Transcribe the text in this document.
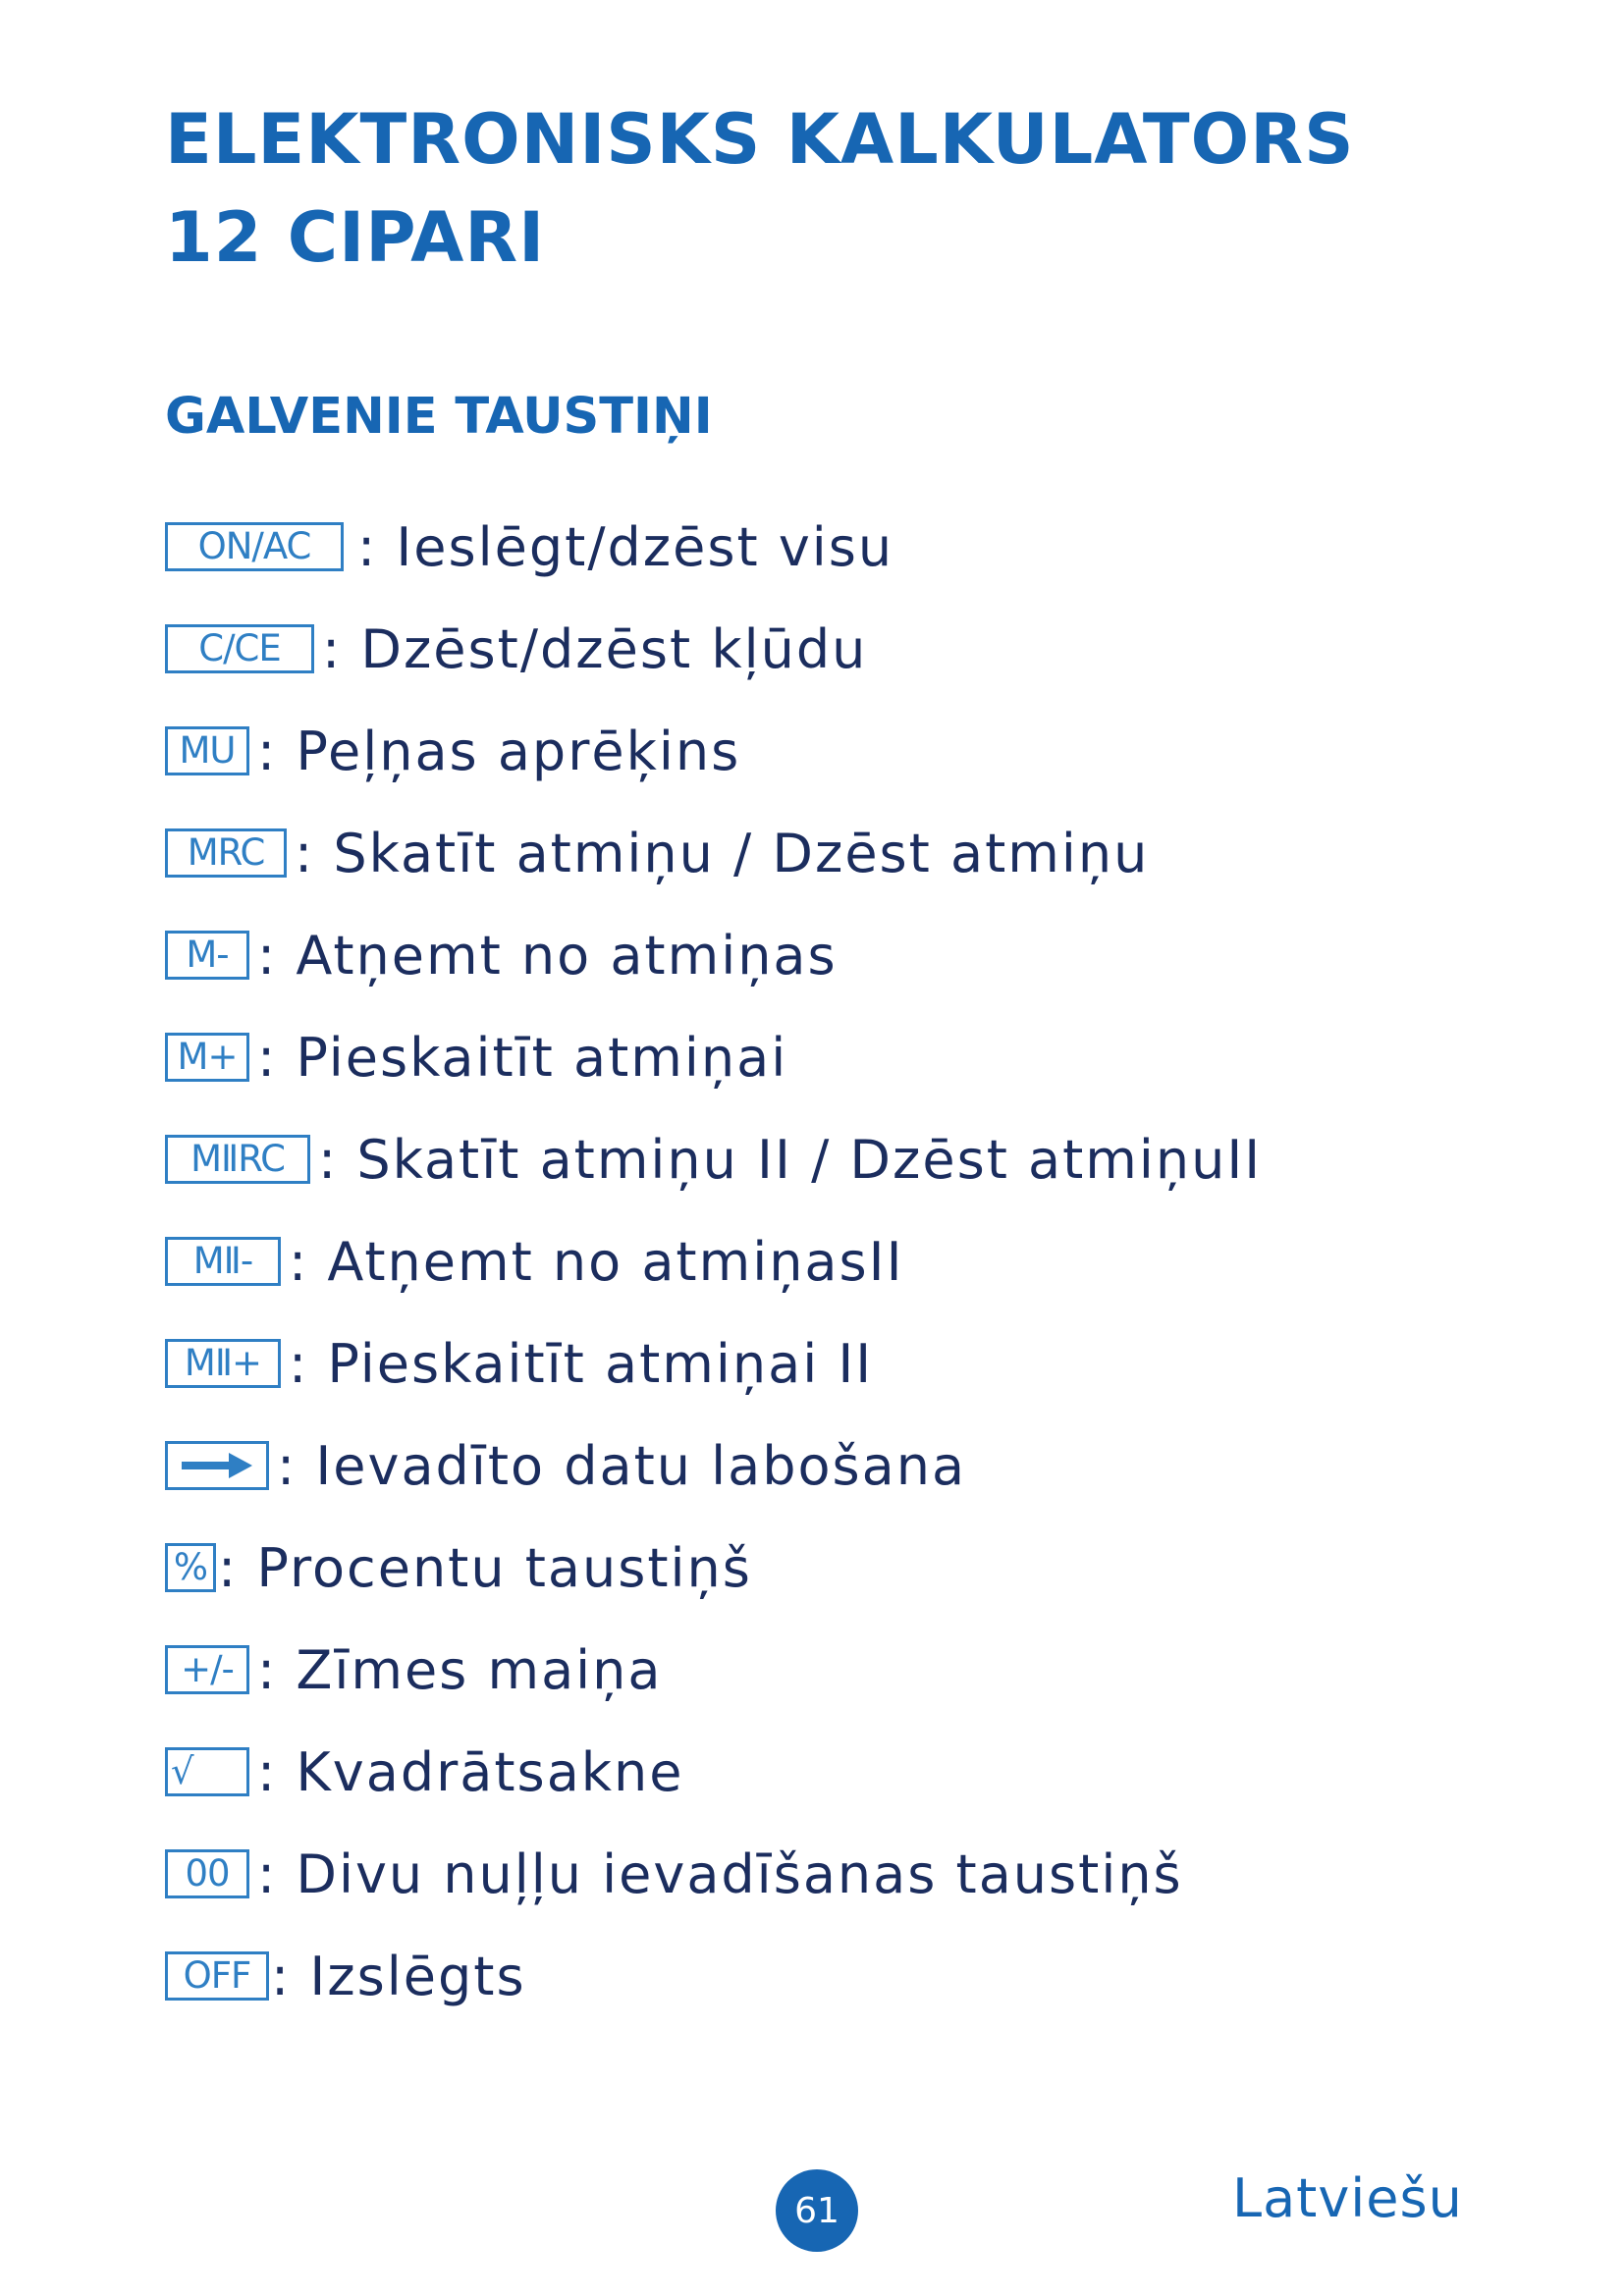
ELEKTRONISKS KALKULATORS
12 CIPARI
GALVENIE TAUSTIŅI
ON/AC : Ieslēgt/dzēst visu
C/CE : Dzēst/dzēst kļūdu
MU : Peļņas aprēķins
MRC : Skatīt atmiņu / Dzēst atmiņu
M- : Atņemt no atmiņas
M+ : Pieskaitīt atmiņai
MⅡRC : Skatīt atmiņu II / Dzēst atmiņuII
MⅡ- : Atņemt no atmiņasII
MⅡ+ : Pieskaitīt atmiņai II
: Ievadīto datu labošana
% : Procentu taustiņš
+/- : Zīmes maiņa
√	: Kvadrātsakne
00 : Divu nuļļu ievadīšanas taustiņš
OFF : Izslēgts
61	Latviešu
